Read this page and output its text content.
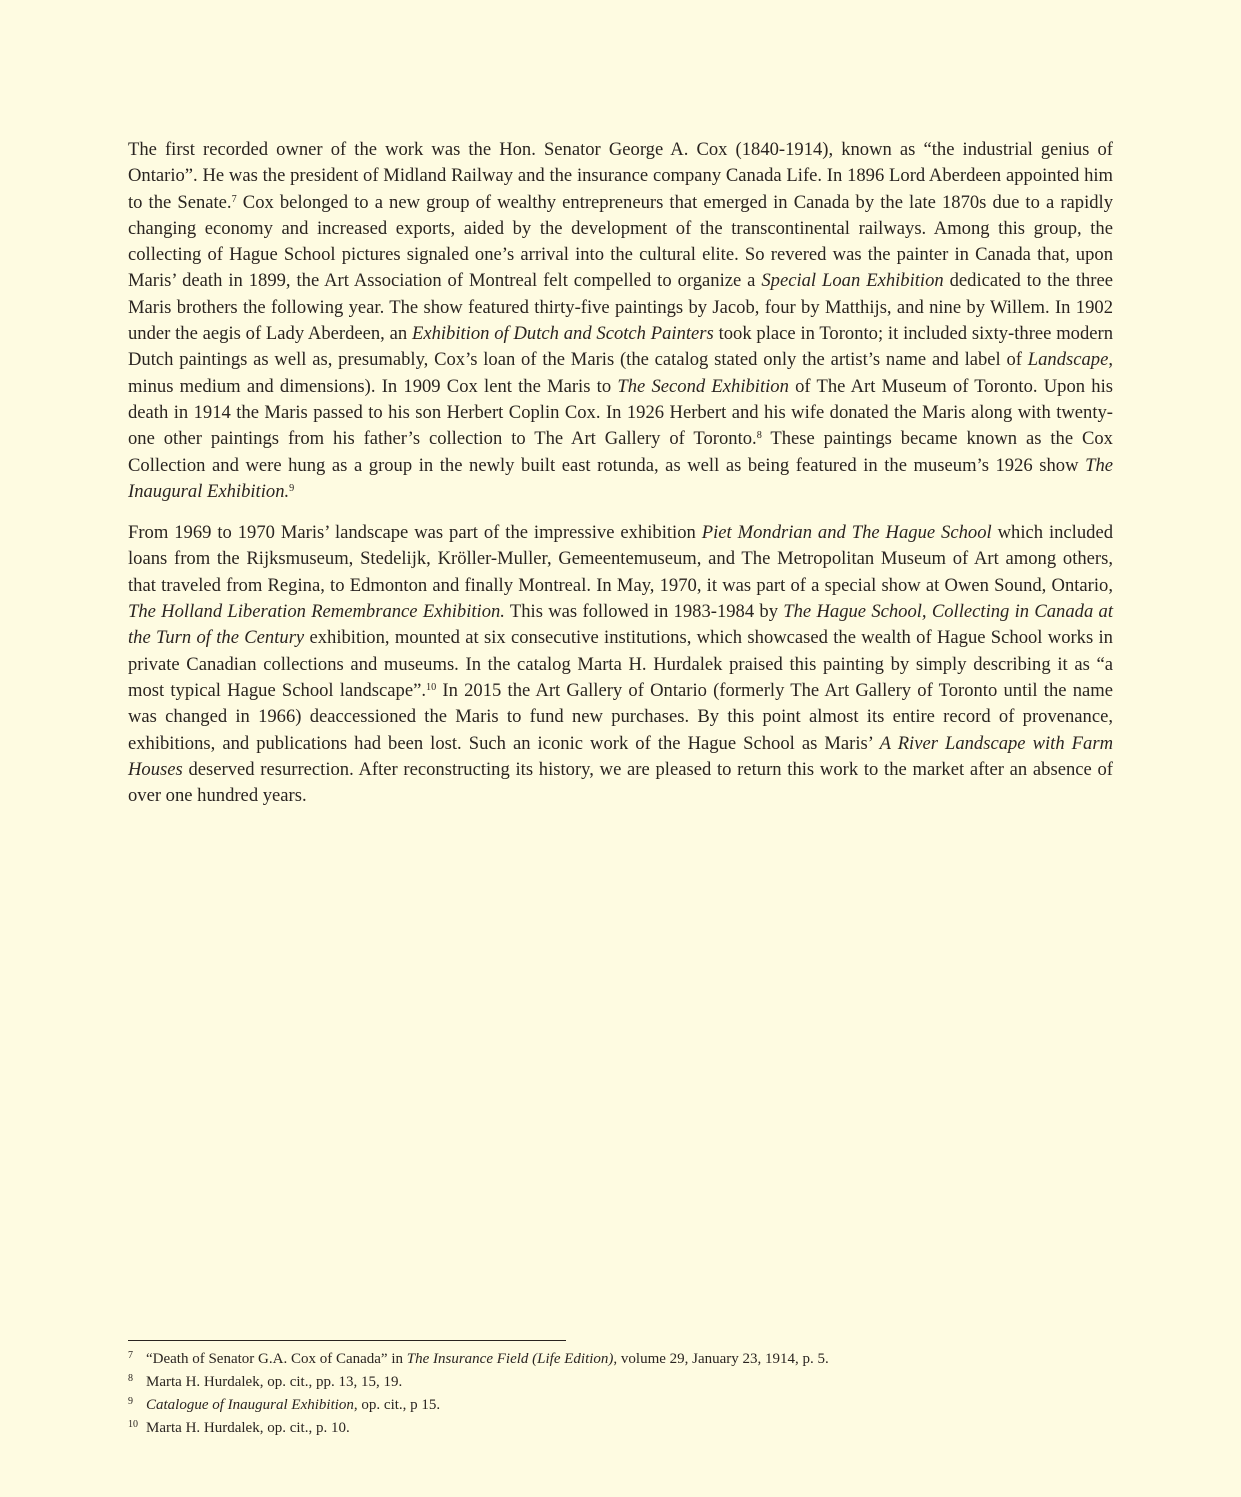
The first recorded owner of the work was the Hon. Senator George A. Cox (1840-1914), known as “the industrial genius of Ontario”. He was the president of Midland Railway and the insurance company Canada Life. In 1896 Lord Aberdeen appointed him to the Senate.$^7$ Cox belonged to a new group of wealthy entrepreneurs that emerged in Canada by the late 1870s due to a rapidly changing economy and increased exports, aided by the development of the transcontinental railways. Among this group, the collecting of Hague School pictures signaled one’s arrival into the cultural elite. So revered was the painter in Canada that, upon Maris’ death in 1899, the Art Association of Montreal felt compelled to organize a Special Loan Exhibition dedicated to the three Maris brothers the following year. The show featured thirty-five paintings by Jacob, four by Matthijs, and nine by Willem. In 1902 under the aegis of Lady Aberdeen, an Exhibition of Dutch and Scotch Painters took place in Toronto; it included sixty-three modern Dutch paintings as well as, presumably, Cox’s loan of the Maris (the catalog stated only the artist’s name and label of Landscape, minus medium and dimensions). In 1909 Cox lent the Maris to The Second Exhibition of The Art Museum of Toronto. Upon his death in 1914 the Maris passed to his son Herbert Coplin Cox. In 1926 Herbert and his wife donated the Maris along with twenty-one other paintings from his father’s collection to The Art Gallery of Toronto.$^8$ These paintings became known as the Cox Collection and were hung as a group in the newly built east rotunda, as well as being featured in the museum’s 1926 show The Inaugural Exhibition.$^9$

From 1969 to 1970 Maris’ landscape was part of the impressive exhibition Piet Mondrian and The Hague School which included loans from the Rijksmuseum, Stedelijk, Kröller-Muller, Gemeentemuseum, and The Metropolitan Museum of Art among others, that traveled from Regina, to Edmonton and finally Montreal. In May, 1970, it was part of a special show at Owen Sound, Ontario, The Holland Liberation Remembrance Exhibition. This was followed in 1983-1984 by The Hague School, Collecting in Canada at the Turn of the Century exhibition, mounted at six consecutive institutions, which showcased the wealth of Hague School works in private Canadian collections and museums. In the catalog Marta H. Hurdalek praised this painting by simply describing it as “a most typical Hague School landscape”.$^{10}$ In 2015 the Art Gallery of Ontario (formerly The Art Gallery of Toronto until the name was changed in 1966) deaccessioned the Maris to fund new purchases. By this point almost its entire record of provenance, exhibitions, and publications had been lost. Such an iconic work of the Hague School as Maris’ A River Landscape with Farm Houses deserved resurrection. After reconstructing its history, we are pleased to return this work to the market after an absence of over one hundred years.

7 “Death of Senator G.A. Cox of Canada” in The Insurance Field (Life Edition), volume 29, January 23, 1914, p. 5.
8 Marta H. Hurdalek, op. cit., pp. 13, 15, 19.
9 Catalogue of Inaugural Exhibition, op. cit., p 15.
10 Marta H. Hurdalek, op. cit., p. 10.
